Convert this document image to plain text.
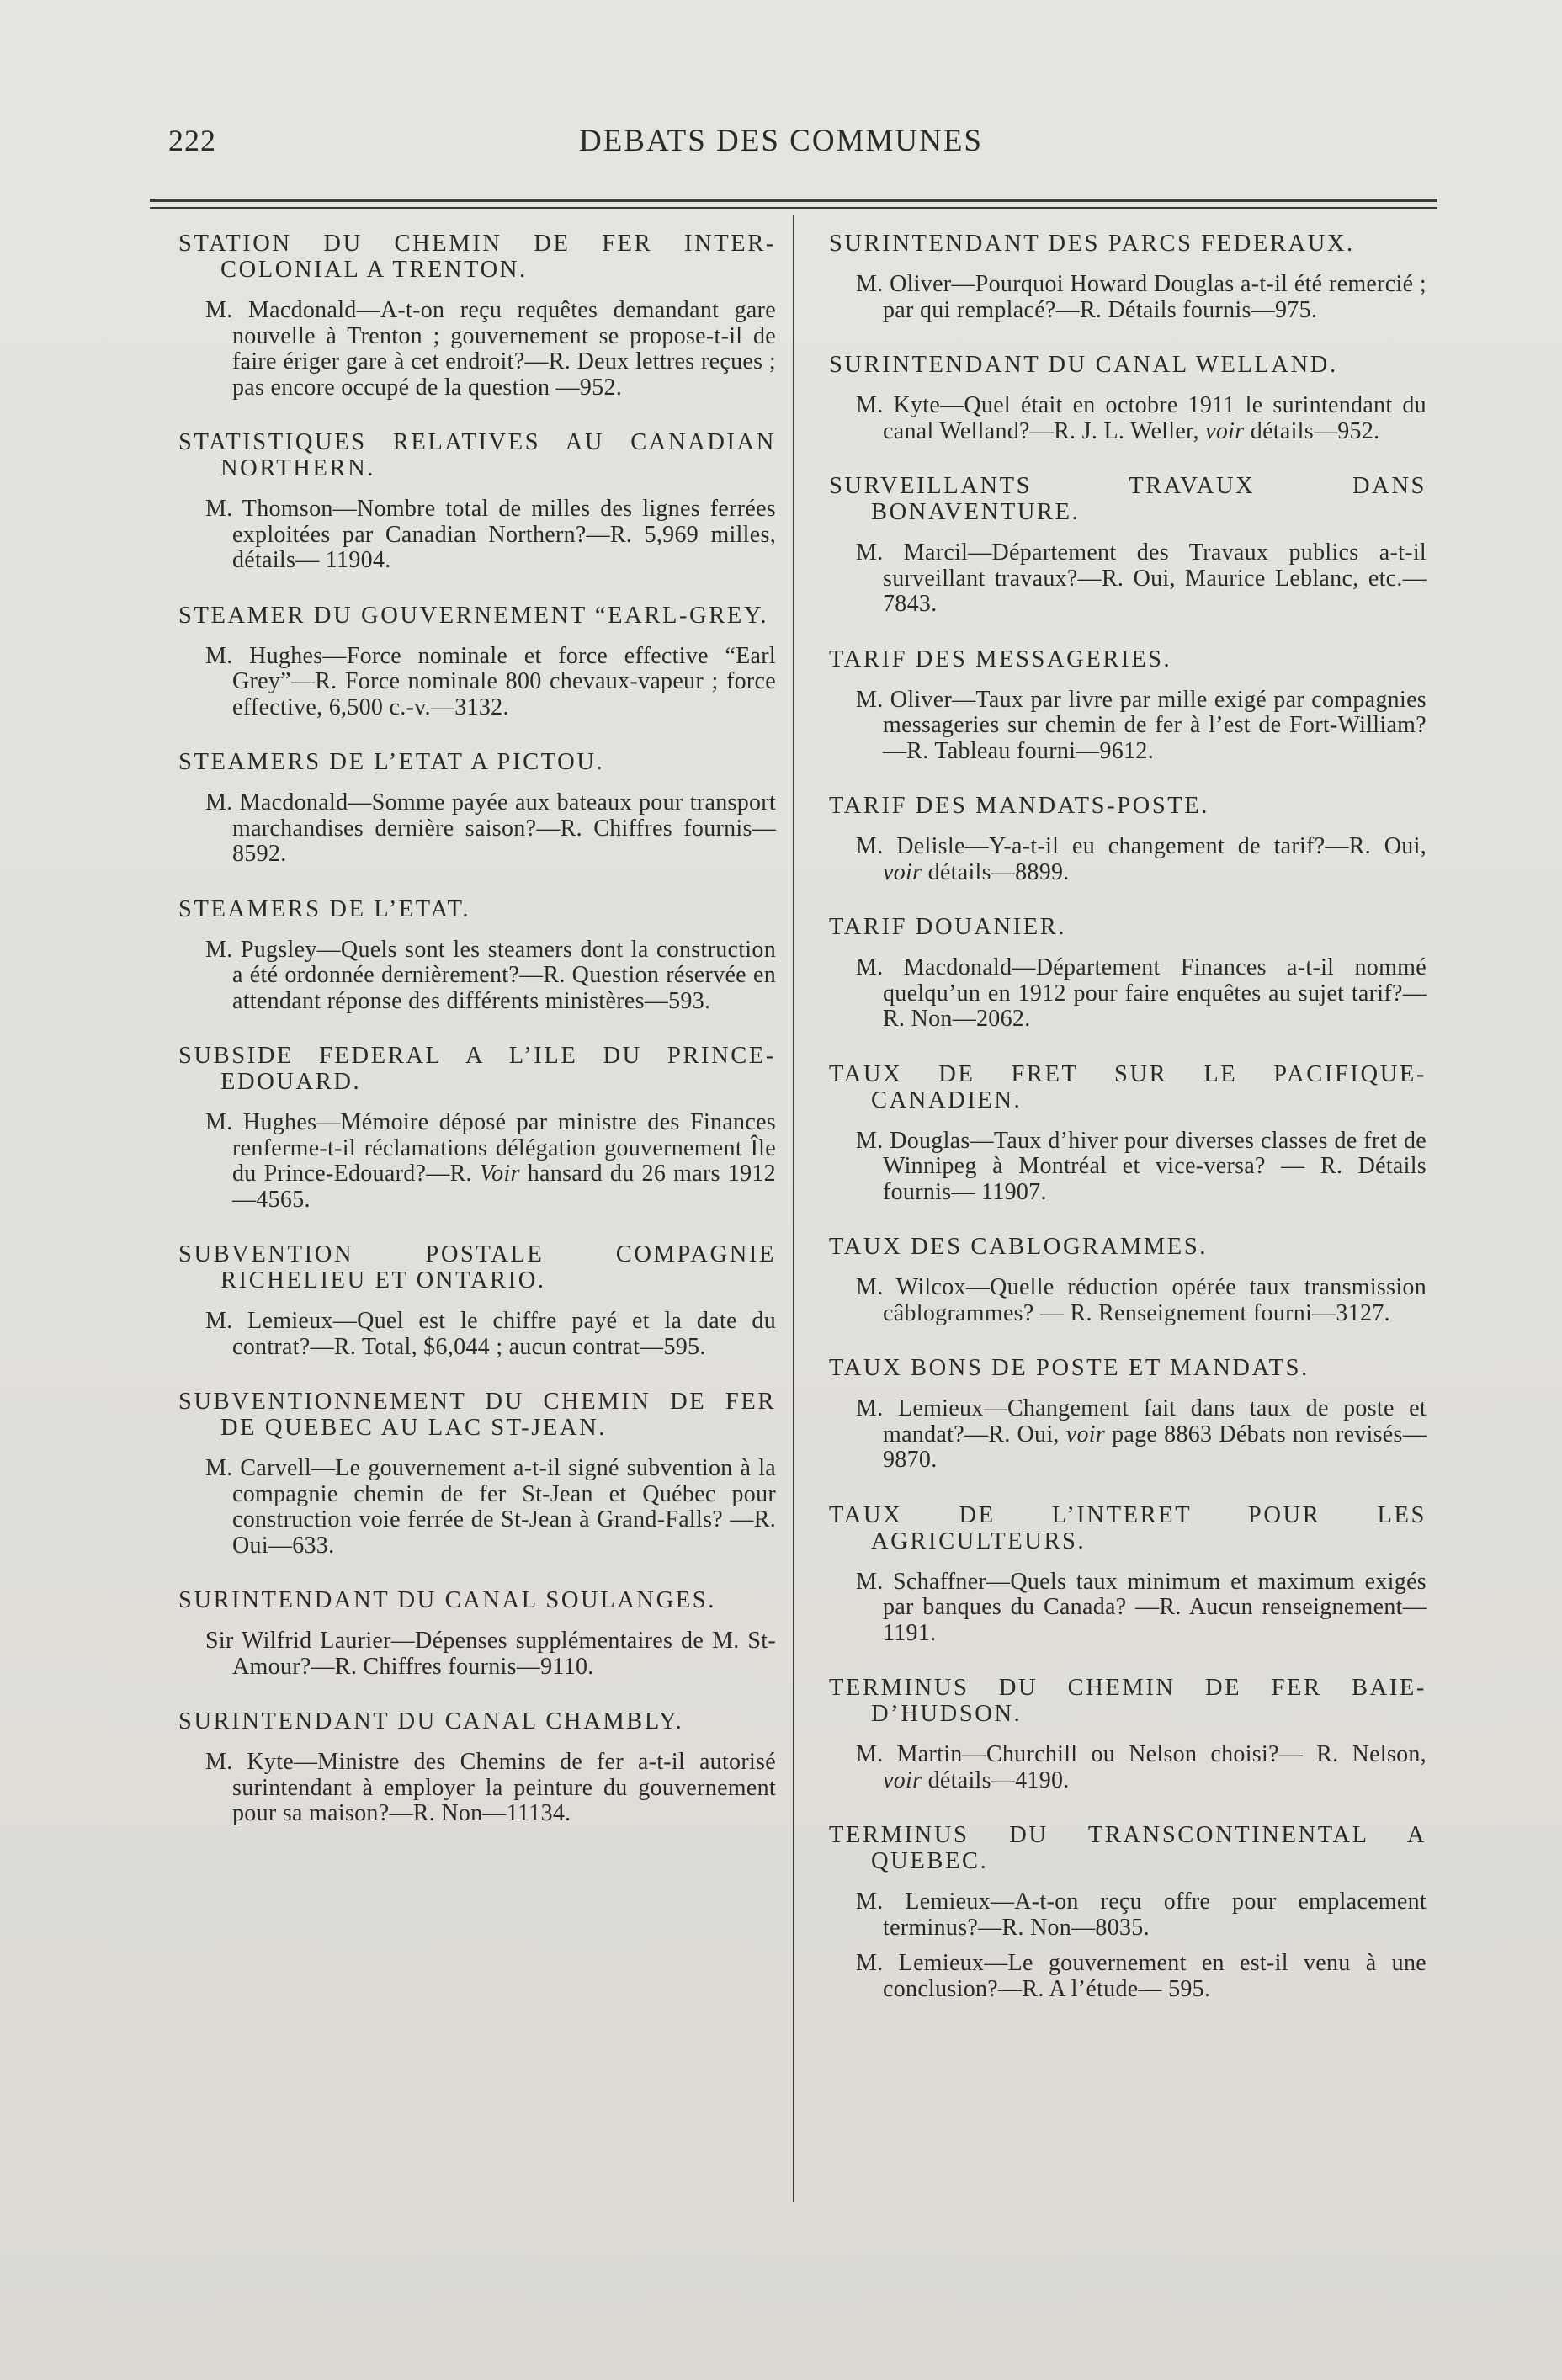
222	DEBATS DES COMMUNES
STATION DU CHEMIN DE FER INTER-COLONIAL A TRENTON.
M. Macdonald—A-t-on reçu requêtes demandant gare nouvelle à Trenton ; gouvernement se propose-t-il de faire ériger gare à cet endroit?—R. Deux lettres reçues ; pas encore occupé de la question —952.
STATISTIQUES RELATIVES AU CANADIAN NORTHERN.
M. Thomson—Nombre total de milles des lignes ferrées exploitées par Canadian Northern?—R. 5,969 milles, détails— 11904.
STEAMER DU GOUVERNEMENT “EARL-GREY.
M. Hughes—Force nominale et force effective “Earl Grey”—R. Force nominale 800 chevaux-vapeur ; force effective, 6,500 c.-v.—3132.
STEAMERS DE L’ETAT A PICTOU.
M. Macdonald—Somme payée aux bateaux pour transport marchandises dernière saison?—R. Chiffres fournis—8592.
STEAMERS DE L’ETAT.
M. Pugsley—Quels sont les steamers dont la construction a été ordonnée dernièrement?—R. Question réservée en attendant réponse des différents ministères—593.
SUBSIDE FEDERAL A L’ILE DU PRINCE-EDOUARD.
M. Hughes—Mémoire déposé par ministre des Finances renferme-t-il réclamations délégation gouvernement Île du Prince-Edouard?—R. Voir hansard du 26 mars 1912—4565.
SUBVENTION POSTALE COMPAGNIE RICHELIEU ET ONTARIO.
M. Lemieux—Quel est le chiffre payé et la date du contrat?—R. Total, $6,044 ; aucun contrat—595.
SUBVENTIONNEMENT DU CHEMIN DE FER DE QUEBEC AU LAC ST-JEAN.
M. Carvell—Le gouvernement a-t-il signé subvention à la compagnie chemin de fer St-Jean et Québec pour construction voie ferrée de St-Jean à Grand-Falls? —R. Oui—633.
SURINTENDANT DU CANAL SOULANGES.
Sir Wilfrid Laurier—Dépenses supplémentaires de M. St-Amour?—R. Chiffres fournis—9110.
SURINTENDANT DU CANAL CHAMBLY.
M. Kyte—Ministre des Chemins de fer a-t-il autorisé surintendant à employer la peinture du gouvernement pour sa maison?—R. Non—11134.
SURINTENDANT DES PARCS FEDERAUX.
M. Oliver—Pourquoi Howard Douglas a-t-il été remercié ; par qui remplacé?—R. Détails fournis—975.
SURINTENDANT DU CANAL WELLAND.
M. Kyte—Quel était en octobre 1911 le surintendant du canal Welland?—R. J. L. Weller, voir détails—952.
SURVEILLANTS TRAVAUX DANS BONAVENTURE.
M. Marcil—Département des Travaux publics a-t-il surveillant travaux?—R. Oui, Maurice Leblanc, etc.—7843.
TARIF DES MESSAGERIES.
M. Oliver—Taux par livre par mille exigé par compagnies messageries sur chemin de fer à l’est de Fort-William?—R. Tableau fourni—9612.
TARIF DES MANDATS-POSTE.
M. Delisle—Y-a-t-il eu changement de tarif?—R. Oui, voir détails—8899.
TARIF DOUANIER.
M. Macdonald—Département Finances a-t-il nommé quelqu’un en 1912 pour faire enquêtes au sujet tarif?—R. Non—2062.
TAUX DE FRET SUR LE PACIFIQUE-CANADIEN.
M. Douglas—Taux d’hiver pour diverses classes de fret de Winnipeg à Montréal et vice-versa? — R. Détails fournis— 11907.
TAUX DES CABLOGRAMMES.
M. Wilcox—Quelle réduction opérée taux transmission câblogrammes? — R. Renseignement fourni—3127.
TAUX BONS DE POSTE ET MANDATS.
M. Lemieux—Changement fait dans taux de poste et mandat?—R. Oui, voir page 8863 Débats non revisés—9870.
TAUX DE L’INTERET POUR LES AGRICULTEURS.
M. Schaffner—Quels taux minimum et maximum exigés par banques du Canada? —R. Aucun renseignement—1191.
TERMINUS DU CHEMIN DE FER BAIE-D’HUDSON.
M. Martin—Churchill ou Nelson choisi?— R. Nelson, voir détails—4190.
TERMINUS DU TRANSCONTINENTAL A QUEBEC.
M. Lemieux—A-t-on reçu offre pour emplacement terminus?—R. Non—8035.
M. Lemieux—Le gouvernement en est-il venu à une conclusion?—R. A l’étude— 595.
